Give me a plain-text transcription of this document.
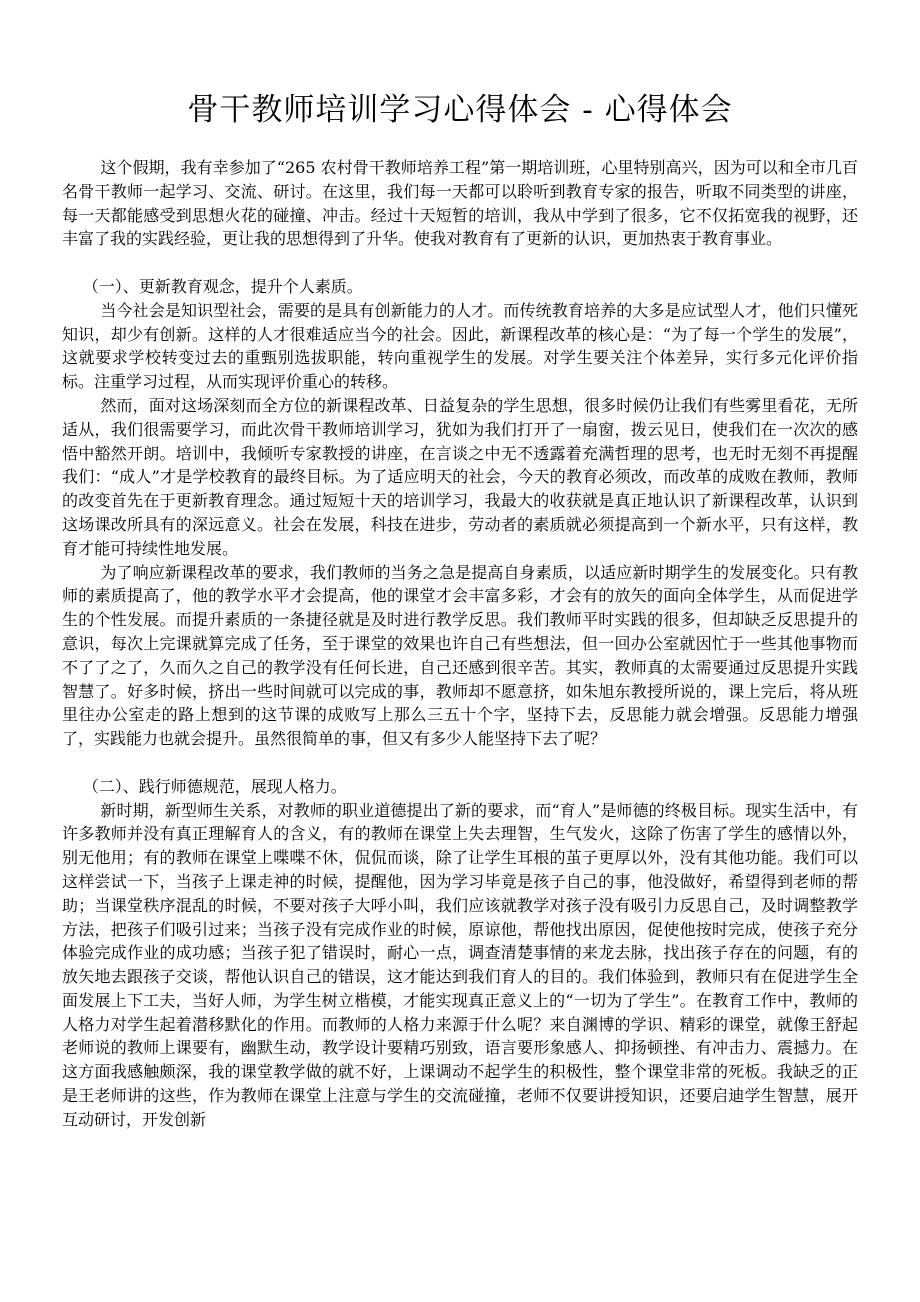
骨干教师培训学习心得体会 - 心得体会

这个假期，我有幸参加了“265 农村骨干教师培养工程”第一期培训班，心里特别高兴，因为可以和全市几百名骨干教师一起学习、交流、研讨。在这里，我们每一天都可以聆听到教育专家的报告，听取不同类型的讲座，每一天都能感受到思想火花的碰撞、冲击。经过十天短暂的培训，我从中学到了很多，它不仅拓宽我的视野，还丰富了我的实践经验，更让我的思想得到了升华。使我对教育有了更新的认识，更加热衷于教育事业。

（一）、更新教育观念，提升个人素质。

当今社会是知识型社会，需要的是具有创新能力的人才。而传统教育培养的大多是应试型人才，他们只懂死知识，却少有创新。这样的人才很难适应当今的社会。因此，新课程改革的核心是：“为了每一个学生的发展”，这就要求学校转变过去的重甄别选拔职能，转向重视学生的发展。对学生要关注个体差异，实行多元化评价指标。注重学习过程，从而实现评价重心的转移。

然而，面对这场深刻而全方位的新课程改革、日益复杂的学生思想，很多时候仍让我们有些雾里看花，无所适从，我们很需要学习，而此次骨干教师培训学习，犹如为我们打开了一扇窗，拨云见日，使我们在一次次的感悟中豁然开朗。培训中，我倾听专家教授的讲座，在言谈之中无不透露着充满哲理的思考，也无时无刻不再提醒我们：“成人”才是学校教育的最终目标。为了适应明天的社会，今天的教育必须改，而改革的成败在教师，教师的改变首先在于更新教育理念。通过短短十天的培训学习，我最大的收获就是真正地认识了新课程改革，认识到这场课改所具有的深远意义。社会在发展，科技在进步，劳动者的素质就必须提高到一个新水平，只有这样，教育才能可持续性地发展。

为了响应新课程改革的要求，我们教师的当务之急是提高自身素质，以适应新时期学生的发展变化。只有教师的素质提高了，他的教学水平才会提高，他的课堂才会丰富多彩，才会有的放矢的面向全体学生，从而促进学生的个性发展。而提升素质的一条捷径就是及时进行教学反思。我们教师平时实践的很多，但却缺乏反思提升的意识，每次上完课就算完成了任务，至于课堂的效果也许自己有些想法，但一回办公室就因忙于一些其他事物而不了了之了，久而久之自己的教学没有任何长进，自己还感到很辛苦。其实，教师真的太需要通过反思提升实践智慧了。好多时候，挤出一些时间就可以完成的事，教师却不愿意挤，如朱旭东教授所说的，课上完后，将从班里往办公室走的路上想到的这节课的成败写上那么三五十个字，坚持下去，反思能力就会增强。反思能力增强了，实践能力也就会提升。虽然很简单的事，但又有多少人能坚持下去了呢？

（二）、践行师德规范，展现人格力。

新时期，新型师生关系，对教师的职业道德提出了新的要求，而“育人”是师德的终极目标。现实生活中，有许多教师并没有真正理解育人的含义，有的教师在课堂上失去理智，生气发火，这除了伤害了学生的感情以外，别无他用；有的教师在课堂上喋喋不休，侃侃而谈，除了让学生耳根的茧子更厚以外，没有其他功能。我们可以这样尝试一下，当孩子上课走神的时候，提醒他，因为学习毕竟是孩子自己的事，他没做好，希望得到老师的帮助；当课堂秩序混乱的时候，不要对孩子大呼小叫，我们应该就教学对孩子没有吸引力反思自己，及时调整教学方法，把孩子们吸引过来；当孩子没有完成作业的时候，原谅他，帮他找出原因，促使他按时完成，使孩子充分体验完成作业的成功感；当孩子犯了错误时，耐心一点，调查清楚事情的来龙去脉，找出孩子存在的问题，有的放矢地去跟孩子交谈，帮他认识自己的错误，这才能达到我们育人的目的。我们体验到，教师只有在促进学生全面发展上下工夫，当好人师，为学生树立楷模，才能实现真正意义上的“一切为了学生”。在教育工作中，教师的人格力对学生起着潜移默化的作用。而教师的人格力来源于什么呢？来自渊博的学识、精彩的课堂，就像王舒起老师说的教师上课要有，幽默生动，教学设计要精巧别致，语言要形象感人、抑扬顿挫、有冲击力、震撼力。在这方面我感触颇深，我的课堂教学做的就不好，上课调动不起学生的积极性，整个课堂非常的死板。我缺乏的正是王老师讲的这些，作为教师在课堂上注意与学生的交流碰撞，老师不仅要讲授知识，还要启迪学生智慧，展开互动研讨，开发创新
